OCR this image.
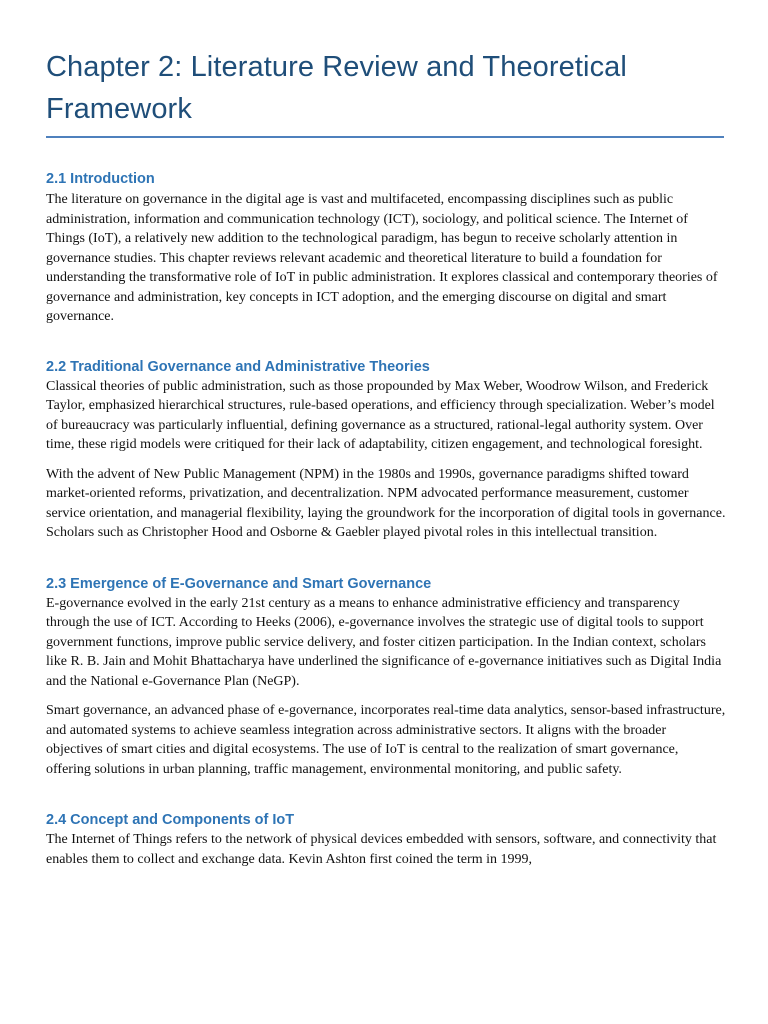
Chapter 2: Literature Review and Theoretical
Framework
2.1 Introduction

The literature on governance in the digital age is vast and multifaceted, encompassing disciplines such as public administration, information and communication technology (ICT), sociology, and political science. The Internet of Things (IoT), a relatively new addition to the technological paradigm, has begun to receive scholarly attention in governance studies. This chapter reviews relevant academic and theoretical literature to build a foundation for understanding the transformative role of IoT in public administration. It explores classical and contemporary theories of governance and administration, key concepts in ICT adoption, and the emerging discourse on digital and smart governance.

2.2 Traditional Governance and Administrative Theories

Classical theories of public administration, such as those propounded by Max Weber, Woodrow Wilson, and Frederick Taylor, emphasized hierarchical structures, rule-based operations, and efficiency through specialization. Weber’s model of bureaucracy was particularly influential, defining governance as a structured, rational-legal authority system. Over time, these rigid models were critiqued for their lack of adaptability, citizen engagement, and technological foresight.

With the advent of New Public Management (NPM) in the 1980s and 1990s, governance paradigms shifted toward market-oriented reforms, privatization, and decentralization. NPM advocated performance measurement, customer service orientation, and managerial flexibility, laying the groundwork for the incorporation of digital tools in governance. Scholars such as Christopher Hood and Osborne & Gaebler played pivotal roles in this intellectual transition.

2.3 Emergence of E-Governance and Smart Governance

E-governance evolved in the early 21st century as a means to enhance administrative efficiency and transparency through the use of ICT. According to Heeks (2006), e-governance involves the strategic use of digital tools to support government functions, improve public service delivery, and foster citizen participation. In the Indian context, scholars like R. B. Jain and Mohit Bhattacharya have underlined the significance of e-governance initiatives such as Digital India and the National e-Governance Plan (NeGP).

Smart governance, an advanced phase of e-governance, incorporates real-time data analytics, sensor-based infrastructure, and automated systems to achieve seamless integration across administrative sectors. It aligns with the broader objectives of smart cities and digital ecosystems. The use of IoT is central to the realization of smart governance, offering solutions in urban planning, traffic management, environmental monitoring, and public safety.

2.4 Concept and Components of IoT

The Internet of Things refers to the network of physical devices embedded with sensors, software, and connectivity that enables them to collect and exchange data. Kevin Ashton first coined the term in 1999,
